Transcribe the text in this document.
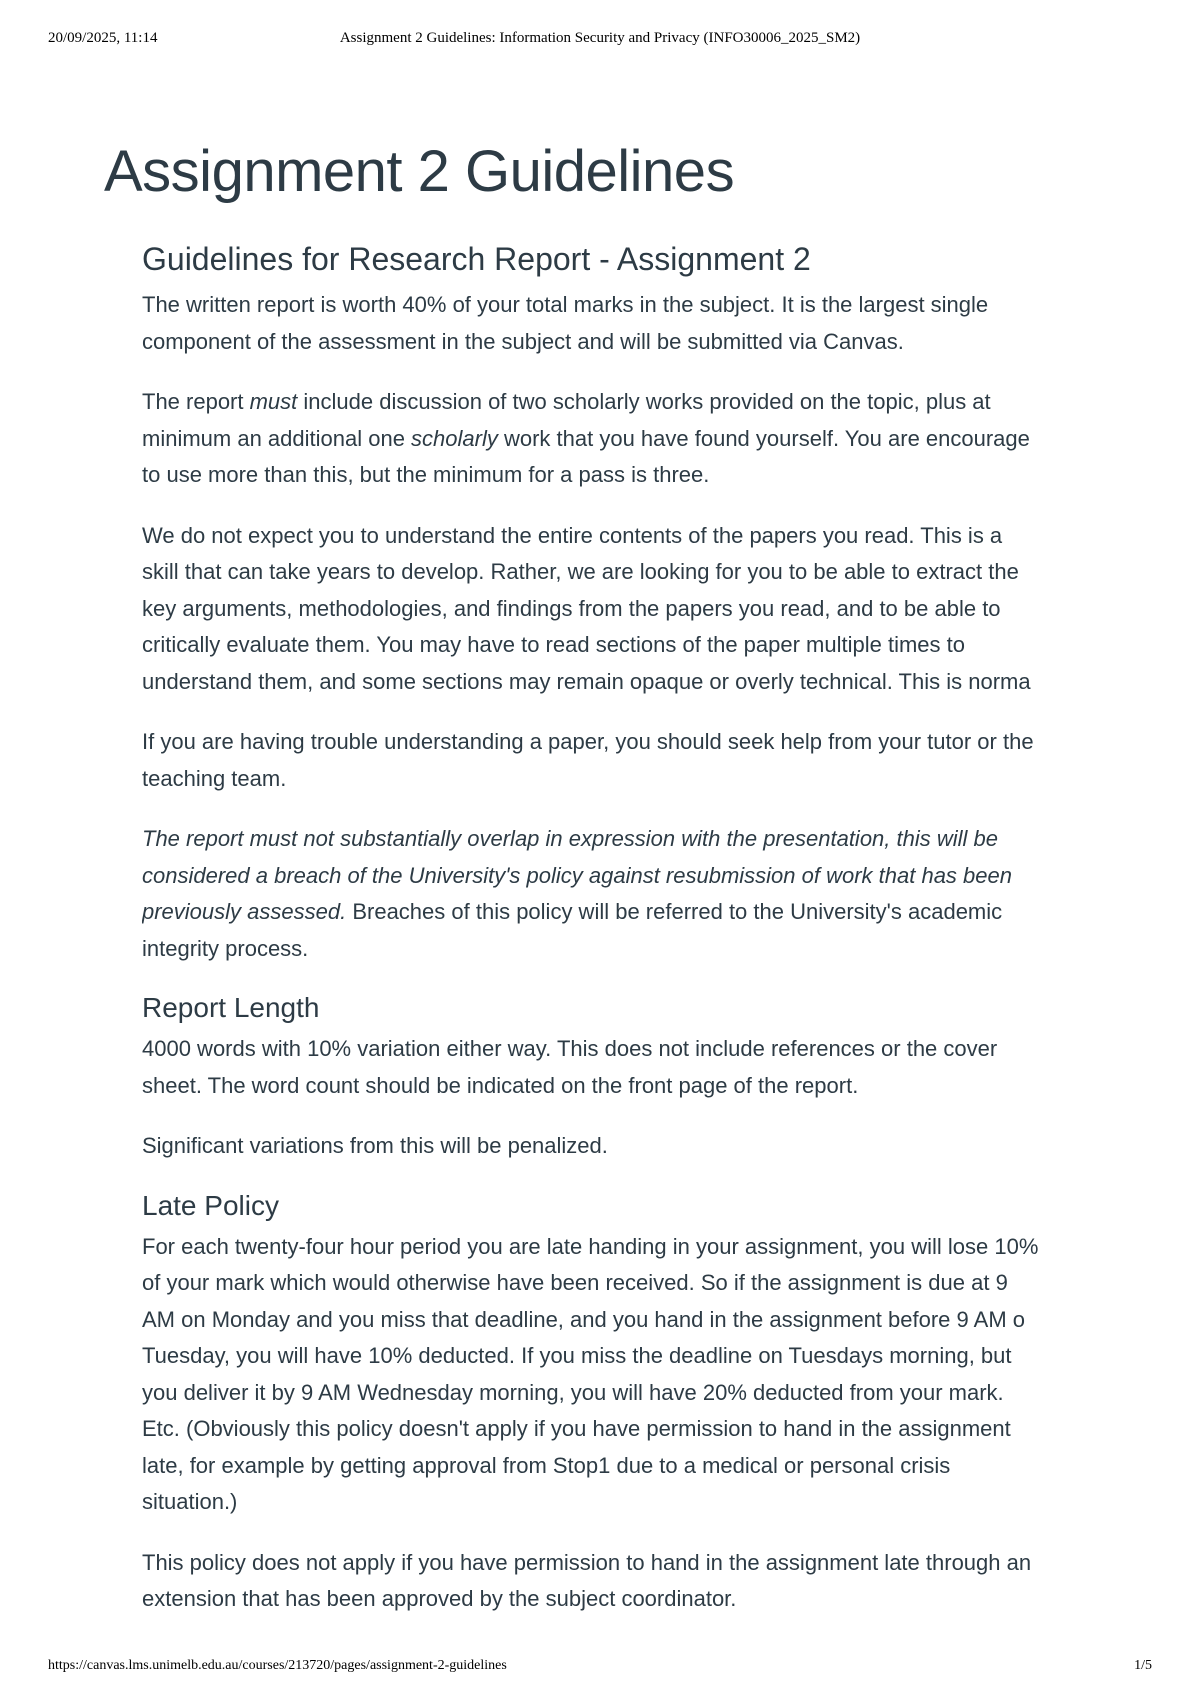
20/09/2025, 11:14	Assignment 2 Guidelines: Information Security and Privacy (INFO30006_2025_SM2)
Assignment 2 Guidelines
Guidelines for Research Report - Assignment 2

The written report is worth 40% of your total marks in the subject. It is the largest single
component of the assessment in the subject and will be submitted via Canvas.

The report must include discussion of two scholarly works provided on the topic, plus at
minimum an additional one scholarly work that you have found yourself. You are encourage
to use more than this, but the minimum for a pass is three.

We do not expect you to understand the entire contents of the papers you read. This is a
skill that can take years to develop. Rather, we are looking for you to be able to extract the
key arguments, methodologies, and findings from the papers you read, and to be able to
critically evaluate them. You may have to read sections of the paper multiple times to
understand them, and some sections may remain opaque or overly technical. This is norma

If you are having trouble understanding a paper, you should seek help from your tutor or the
teaching team.

The report must not substantially overlap in expression with the presentation, this will be
considered a breach of the University's policy against resubmission of work that has been
previously assessed. Breaches of this policy will be referred to the University's academic
integrity process.

Report Length

4000 words with 10% variation either way. This does not include references or the cover
sheet. The word count should be indicated on the front page of the report.

Significant variations from this will be penalized.

Late Policy

For each twenty-four hour period you are late handing in your assignment, you will lose 10%
of your mark which would otherwise have been received. So if the assignment is due at 9
AM on Monday and you miss that deadline, and you hand in the assignment before 9 AM o
Tuesday, you will have 10% deducted. If you miss the deadline on Tuesdays morning, but
you deliver it by 9 AM Wednesday morning, you will have 20% deducted from your mark.
Etc. (Obviously this policy doesn't apply if you have permission to hand in the assignment
late, for example by getting approval from Stop1 due to a medical or personal crisis
situation.)

This policy does not apply if you have permission to hand in the assignment late through an
extension that has been approved by the subject coordinator.

https://canvas.lms.unimelb.edu.au/courses/213720/pages/assignment-2-guidelines	1/5
